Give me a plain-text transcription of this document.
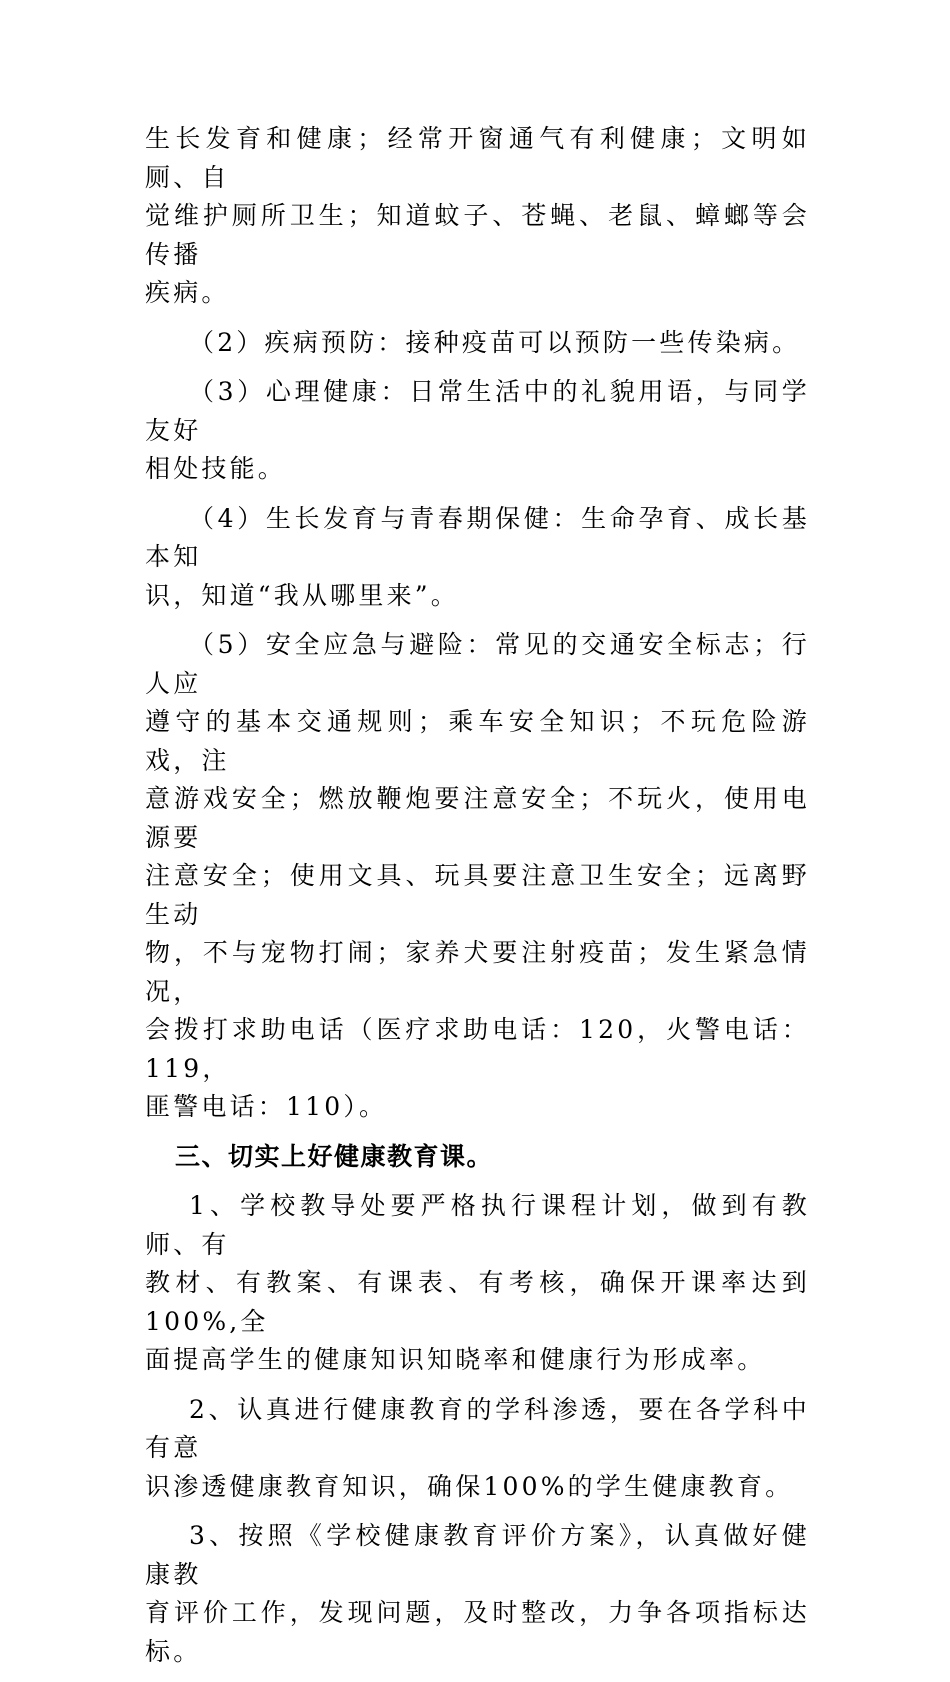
生长发育和健康；经常开窗通气有利健康；文明如厕、自
觉维护厕所卫生；知道蚊子、苍蝇、老鼠、蟑螂等会传播
疾病。

（2）疾病预防：接种疫苗可以预防一些传染病。

（3）心理健康：日常生活中的礼貌用语，与同学友好
相处技能。

（4）生长发育与青春期保健：生命孕育、成长基本知
识，知道“我从哪里来”。

（5）安全应急与避险：常见的交通安全标志；行人应
遵守的基本交通规则；乘车安全知识；不玩危险游戏，注
意游戏安全；燃放鞭炮要注意安全；不玩火，使用电源要
注意安全；使用文具、玩具要注意卫生安全；远离野生动
物，不与宠物打闹；家养犬要注射疫苗；发生紧急情况，
会拨打求助电话（医疗求助电话：120，火警电话：119，
匪警电话：110）。

三、切实上好健康教育课。

1、学校教导处要严格执行课程计划，做到有教师、有
教材、有教案、有课表、有考核，确保开课率达到100%,全
面提高学生的健康知识知晓率和健康行为形成率。

2、认真进行健康教育的学科渗透，要在各学科中有意
识渗透健康教育知识，确保100%的学生健康教育。

3、按照《学校健康教育评价方案》，认真做好健康教
育评价工作，发现问题，及时整改，力争各项指标达标。
